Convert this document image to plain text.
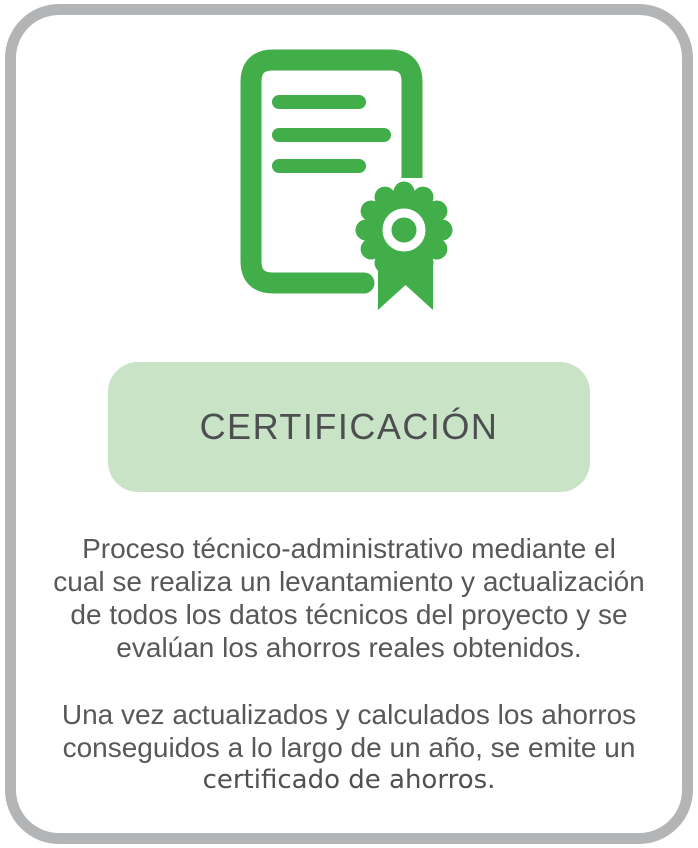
CERTIFICACIÓN

Proceso técnico-administrativo mediante el
cual se realiza un levantamiento y actualización
de todos los datos técnicos del proyecto y se
evalúan los ahorros reales obtenidos.

Una vez actualizados y calculados los ahorros
conseguidos a lo largo de un año, se emite un
certificado de ahorros.
